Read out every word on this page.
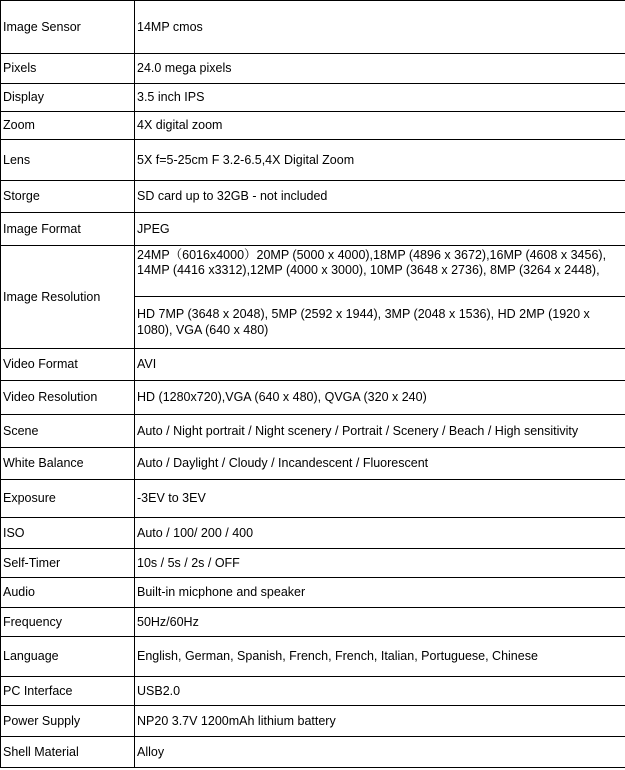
Image Sensor	14MP cmos
Pixels	24.0 mega pixels
Display	3.5 inch IPS
Zoom	4X digital zoom
Lens	5X f=5-25cm F 3.2-6.5,4X Digital Zoom
Storge	SD card up to 32GB - not included
Image Format	JPEG
Image Resolution	24MP（6016x4000）20MP (5000 x 4000),18MP (4896 x 3672),16MP (4608 x 3456), 14MP (4416 x3312),12MP (4000 x 3000), 10MP (3648 x 2736), 8MP (3264 x 2448),
HD 7MP (3648 x 2048), 5MP (2592 x 1944), 3MP (2048 x 1536), HD 2MP (1920 x 1080), VGA (640 x 480)

Video Format	AVI
Video Resolution	HD (1280x720),VGA (640 x 480), QVGA (320 x 240)
Scene	Auto / Night portrait / Night scenery / Portrait / Scenery / Beach / High sensitivity
White Balance	Auto / Daylight / Cloudy / Incandescent / Fluorescent
Exposure	-3EV to 3EV
ISO	Auto / 100/ 200 / 400
Self-Timer	10s / 5s / 2s / OFF
Audio	Built-in micphone and speaker
Frequency	50Hz/60Hz
Language	English, German, Spanish, French, French, Italian, Portuguese, Chinese
PC Interface	USB2.0
Power Supply	NP20 3.7V 1200mAh lithium battery
Shell Material	Alloy
